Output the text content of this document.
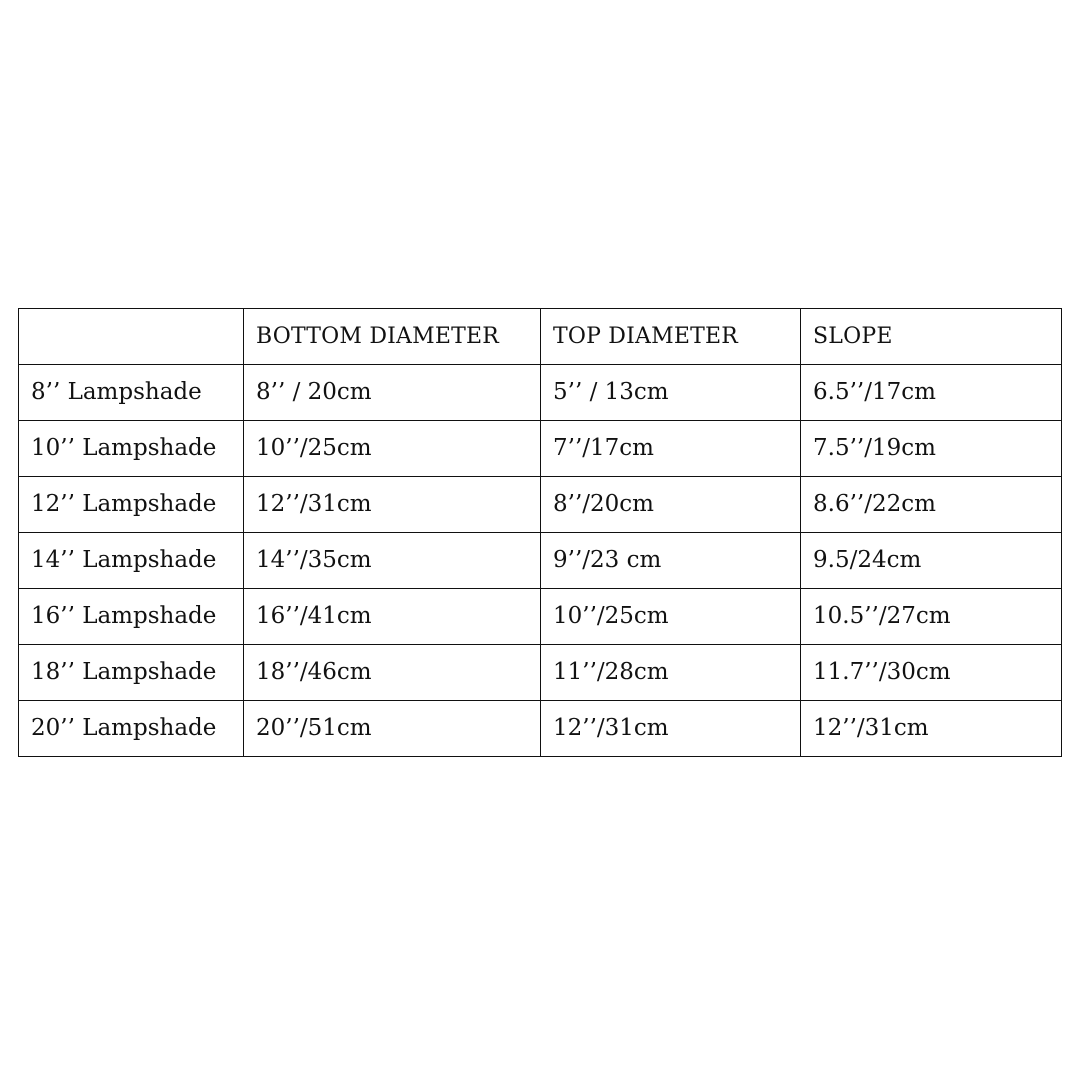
	BOTTOM DIAMETER	TOP DIAMETER	SLOPE
8’’ Lampshade	8’’ / 20cm	5’’ / 13cm	6.5’’/17cm
10’’ Lampshade	10’’/25cm	7’’/17cm	7.5’’/19cm
12’’ Lampshade	12’’/31cm	8’’/20cm	8.6’’/22cm
14’’ Lampshade	14’’/35cm	9’’/23 cm	9.5/24cm
16’’ Lampshade	16’’/41cm	10’’/25cm	10.5’’/27cm
18’’ Lampshade	18’’/46cm	11’’/28cm	11.7’’/30cm
20’’ Lampshade	20’’/51cm	12’’/31cm	12’’/31cm
